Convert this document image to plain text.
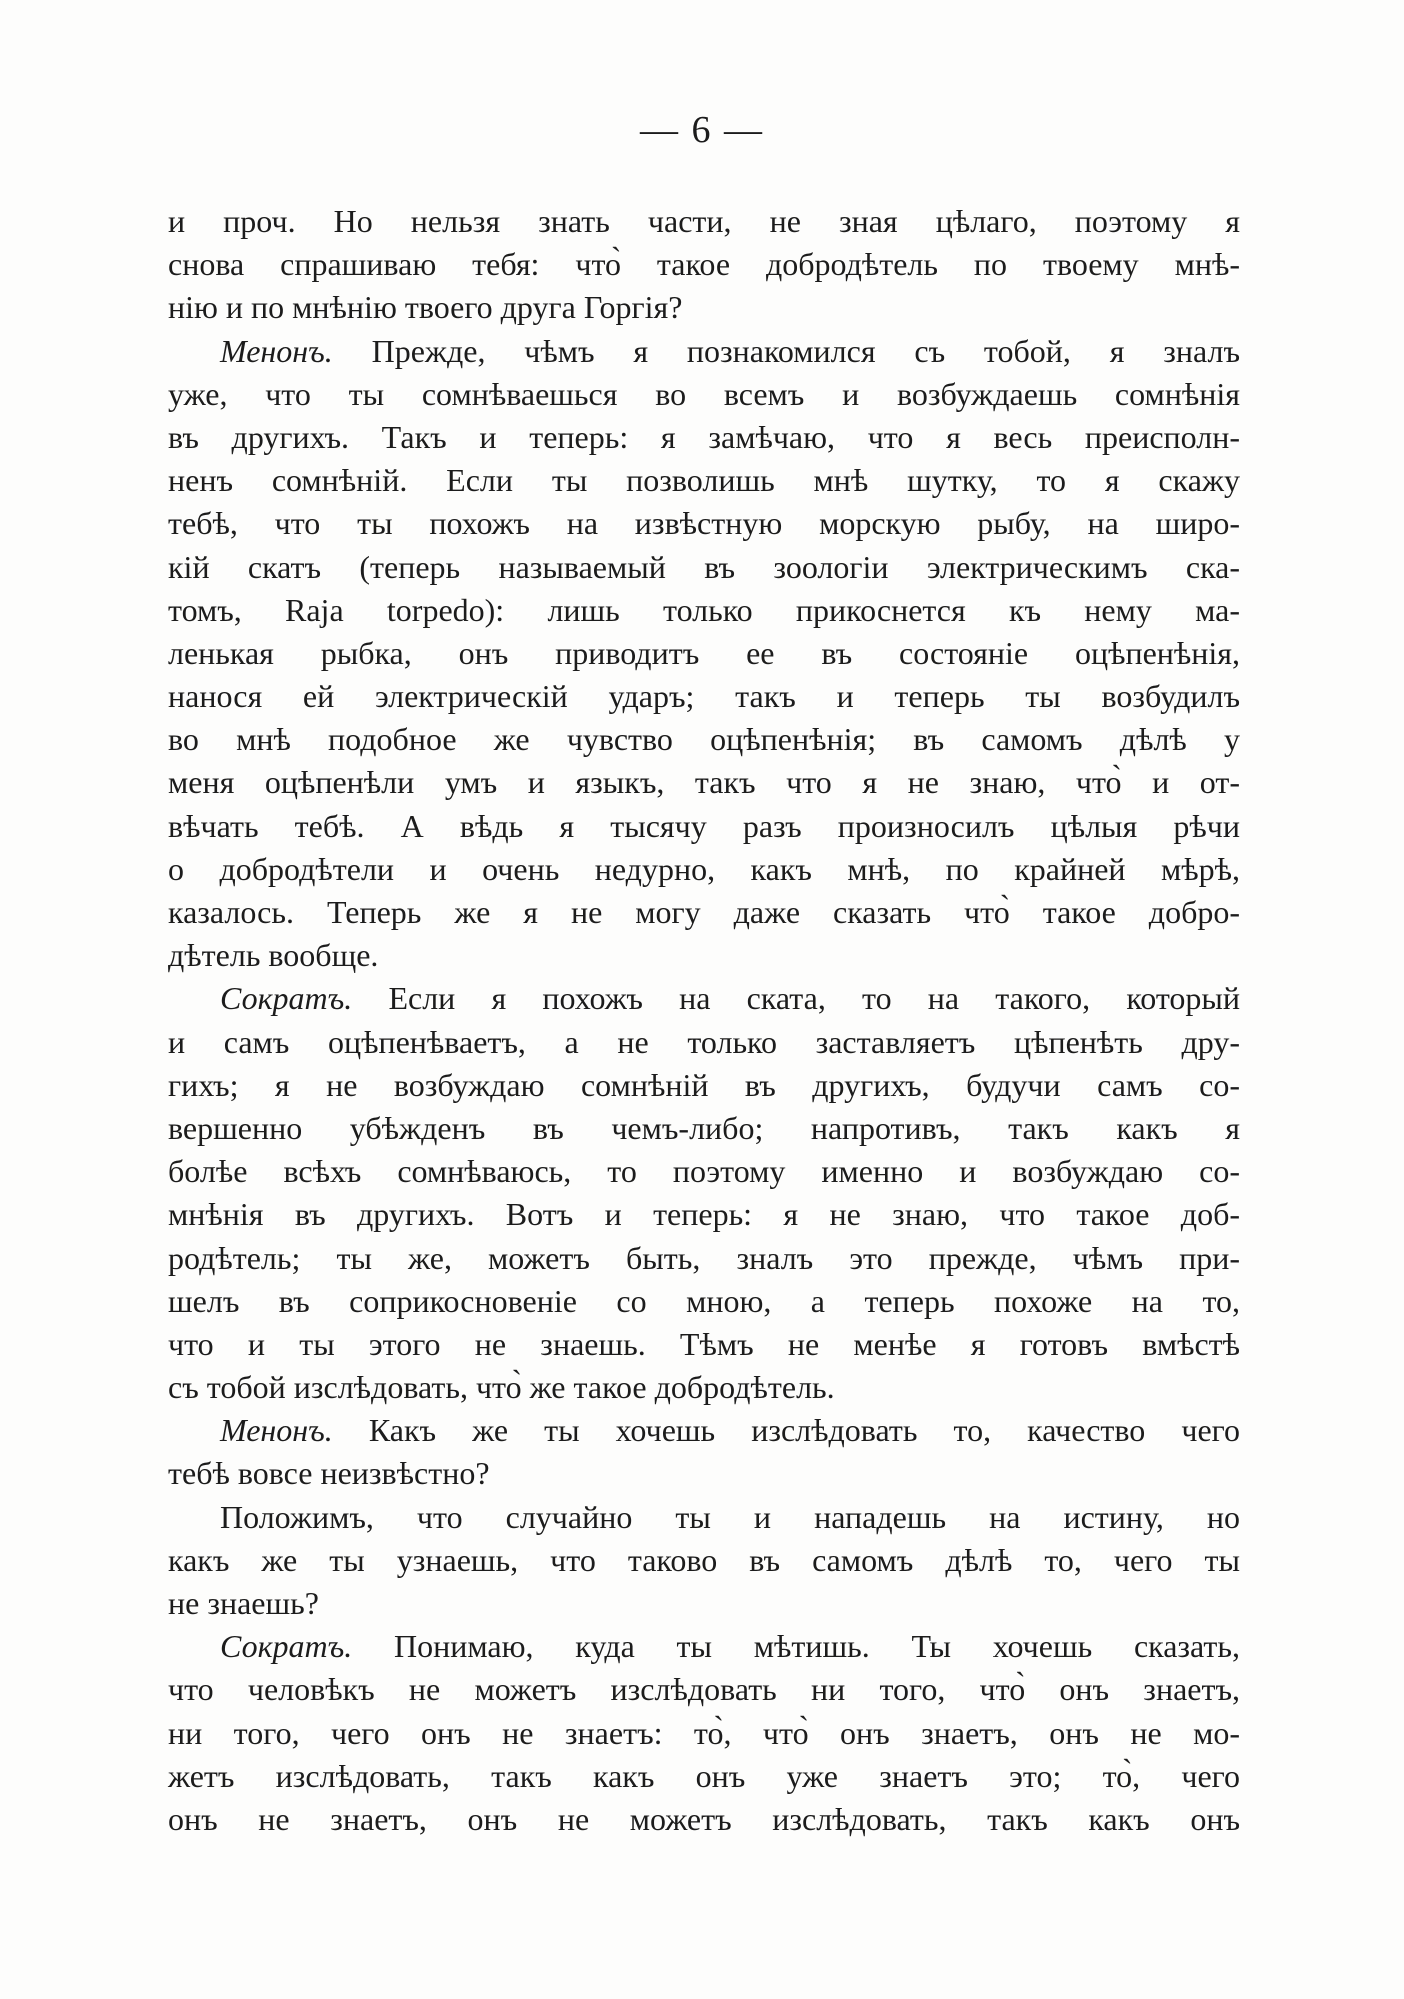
— 6 —
и проч. Но нельзя знать части, не зная цѣлаго, поэтому я
снова спрашиваю тебя: что̀ такое добродѣтель по твоему мнѣ-
нію и по мнѣнію твоего друга Горгія?
Менонъ. Прежде, чѣмъ я познакомился съ тобой, я зналъ
уже, что ты сомнѣваешься во всемъ и возбуждаешь сомнѣнія
въ другихъ. Такъ и теперь: я замѣчаю, что я весь преисполн-
ненъ сомнѣній. Если ты позволишь мнѣ шутку, то я скажу
тебѣ, что ты похожъ на извѣстную морскую рыбу, на широ-
кій скатъ (теперь называемый въ зоологіи электрическимъ ска-
томъ, Raja torpedo): лишь только прикоснется къ нему ма-
ленькая рыбка, онъ приводитъ ее въ состояніе оцѣпенѣнія,
нанося ей электрическій ударъ; такъ и теперь ты возбудилъ
во мнѣ подобное же чувство оцѣпенѣнія; въ самомъ дѣлѣ у
меня оцѣпенѣли умъ и языкъ, такъ что я не знаю, что̀ и от-
вѣчать тебѣ. А вѣдь я тысячу разъ произносилъ цѣлыя рѣчи
о добродѣтели и очень недурно, какъ мнѣ, по крайней мѣрѣ,
казалось. Теперь же я не могу даже сказать что̀ такое добро-
дѣтель вообще.
Сократъ. Если я похожъ на ската, то на такого, который
и самъ оцѣпенѣваетъ, а не только заставляетъ цѣпенѣть дру-
гихъ; я не возбуждаю сомнѣній въ другихъ, будучи самъ со-
вершенно убѣжденъ въ чемъ-либо; напротивъ, такъ какъ я
болѣе всѣхъ сомнѣваюсь, то поэтому именно и возбуждаю со-
мнѣнія въ другихъ. Вотъ и теперь: я не знаю, что такое доб-
родѣтель; ты же, можетъ быть, зналъ это прежде, чѣмъ при-
шелъ въ соприкосновеніе со мною, а теперь похоже на то,
что и ты этого не знаешь. Тѣмъ не менѣе я готовъ вмѣстѣ
съ тобой изслѣдовать, что̀ же такое добродѣтель.
Менонъ. Какъ же ты хочешь изслѣдовать то, качество чего
тебѣ вовсе неизвѣстно?
Положимъ, что случайно ты и нападешь на истину, но
какъ же ты узнаешь, что таково въ самомъ дѣлѣ то, чего ты
не знаешь?
Сократъ. Понимаю, куда ты мѣтишь. Ты хочешь сказать,
что человѣкъ не можетъ изслѣдовать ни того, что̀ онъ знаетъ,
ни того, чего онъ не знаетъ: то̀, что̀ онъ знаетъ, онъ не мо-
жетъ изслѣдовать, такъ какъ онъ уже знаетъ это; то̀, чего
онъ не знаетъ, онъ не можетъ изслѣдовать, такъ какъ онъ
